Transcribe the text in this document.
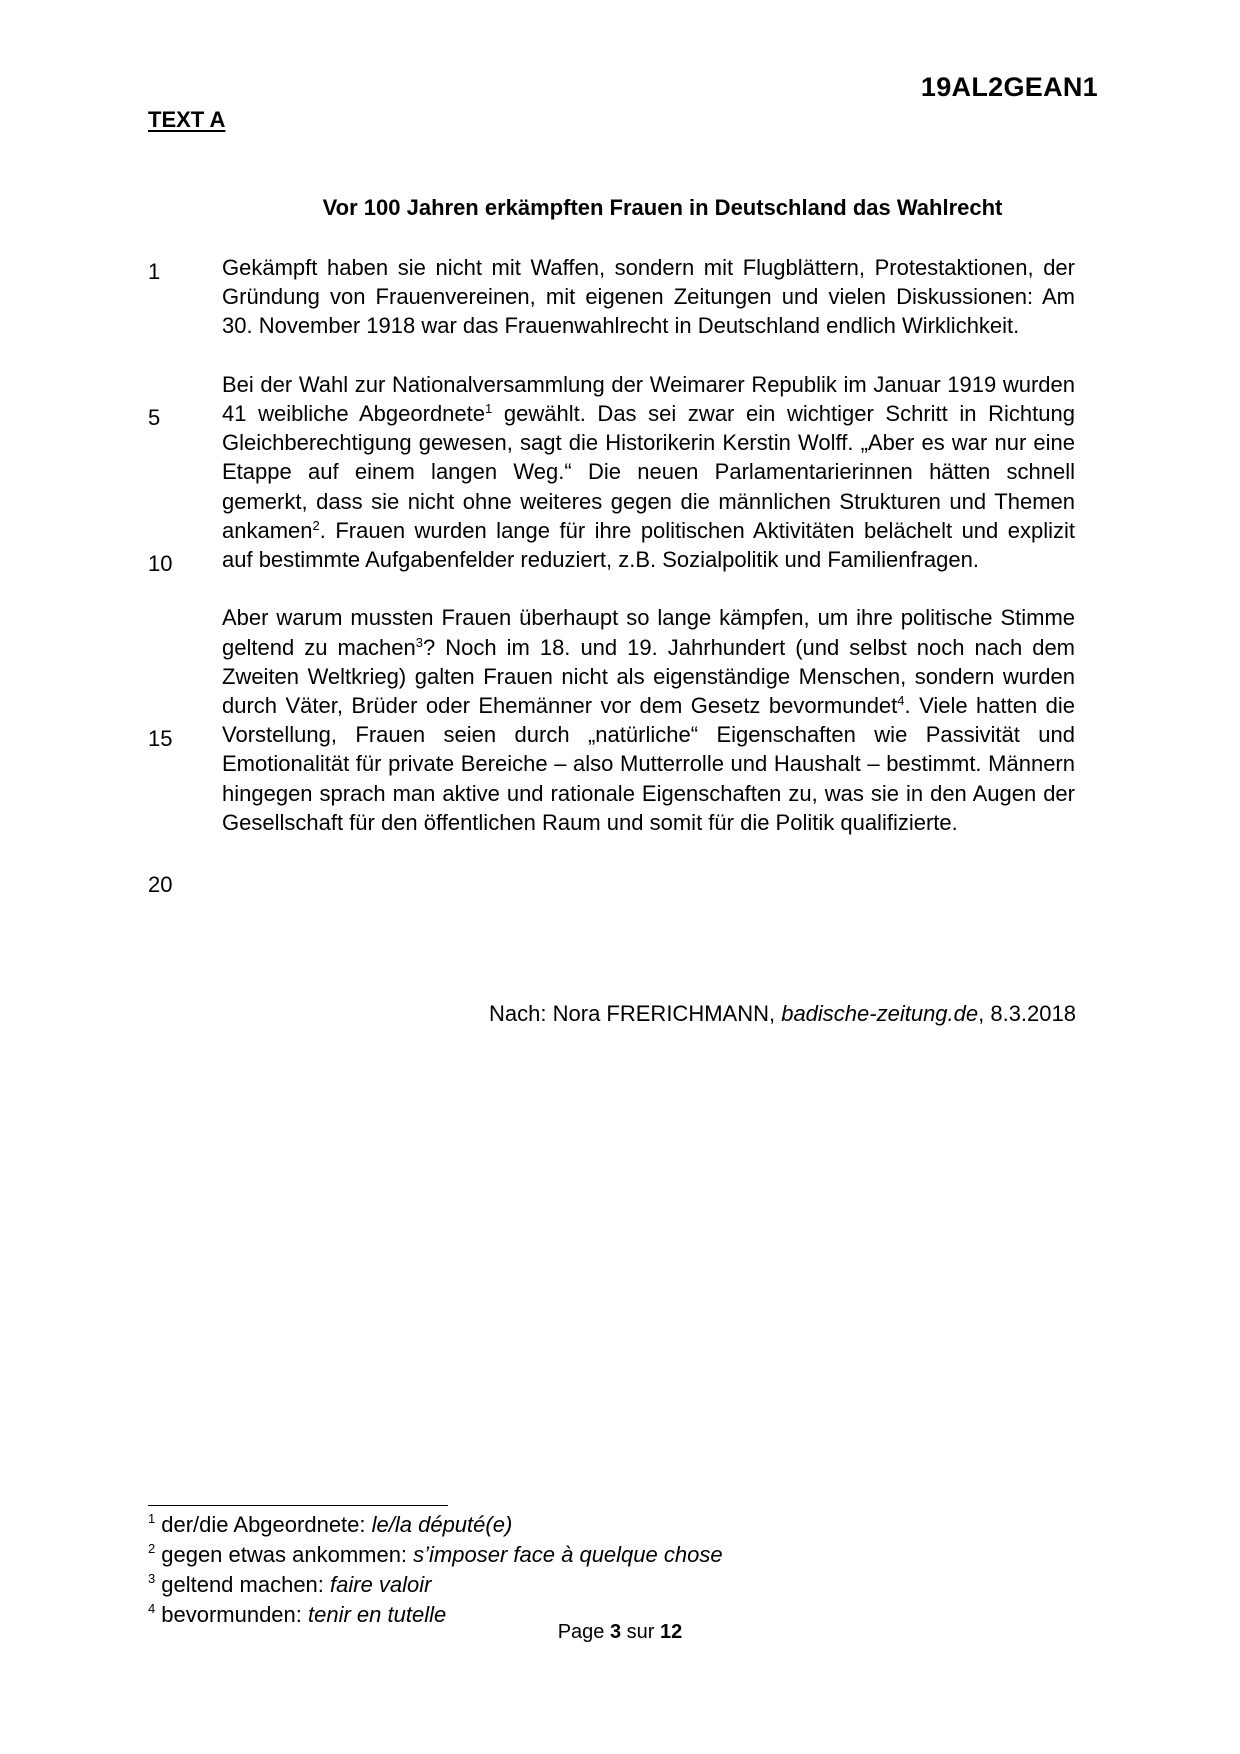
19AL2GEAN1
TEXT A
Vor 100 Jahren erkämpften Frauen in Deutschland das Wahlrecht
1
5
10
15
20

Gekämpft haben sie nicht mit Waffen, sondern mit Flugblättern, Protestaktionen, der Gründung von Frauenvereinen, mit eigenen Zeitungen und vielen Diskussionen: Am 30. November 1918 war das Frauenwahlrecht in Deutschland endlich Wirklichkeit.

Bei der Wahl zur Nationalversammlung der Weimarer Republik im Januar 1919 wurden 41 weibliche Abgeordnete$^1$ gewählt. Das sei zwar ein wichtiger Schritt in Richtung Gleichberechtigung gewesen, sagt die Historikerin Kerstin Wolff. „Aber es war nur eine Etappe auf einem langen Weg.“ Die neuen Parlamentarierinnen hätten schnell gemerkt, dass sie nicht ohne weiteres gegen die männlichen Strukturen und Themen ankamen$^2$. Frauen wurden lange für ihre politischen Aktivitäten belächelt und explizit auf bestimmte Aufgabenfelder reduziert, z.B. Sozialpolitik und Familienfragen.

Aber warum mussten Frauen überhaupt so lange kämpfen, um ihre politische Stimme geltend zu machen$^3$? Noch im 18. und 19. Jahrhundert (und selbst noch nach dem Zweiten Weltkrieg) galten Frauen nicht als eigenständige Menschen, sondern wurden durch Väter, Brüder oder Ehemänner vor dem Gesetz bevormundet$^4$. Viele hatten die Vorstellung, Frauen seien durch „natürliche“ Eigenschaften wie Passivität und Emotionalität für private Bereiche – also Mutterrolle und Haushalt – bestimmt. Männern hingegen sprach man aktive und rationale Eigenschaften zu, was sie in den Augen der Gesellschaft für den öffentlichen Raum und somit für die Politik qualifizierte.

Nach: Nora FRERICHMANN, badische-zeitung.de, 8.3.2018
$^1$ der/die Abgeordnete: le/la député(e)
$^2$ gegen etwas ankommen: s’imposer face à quelque chose
$^3$ geltend machen: faire valoir
$^4$ bevormunden: tenir en tutelle
Page 3 sur 12
